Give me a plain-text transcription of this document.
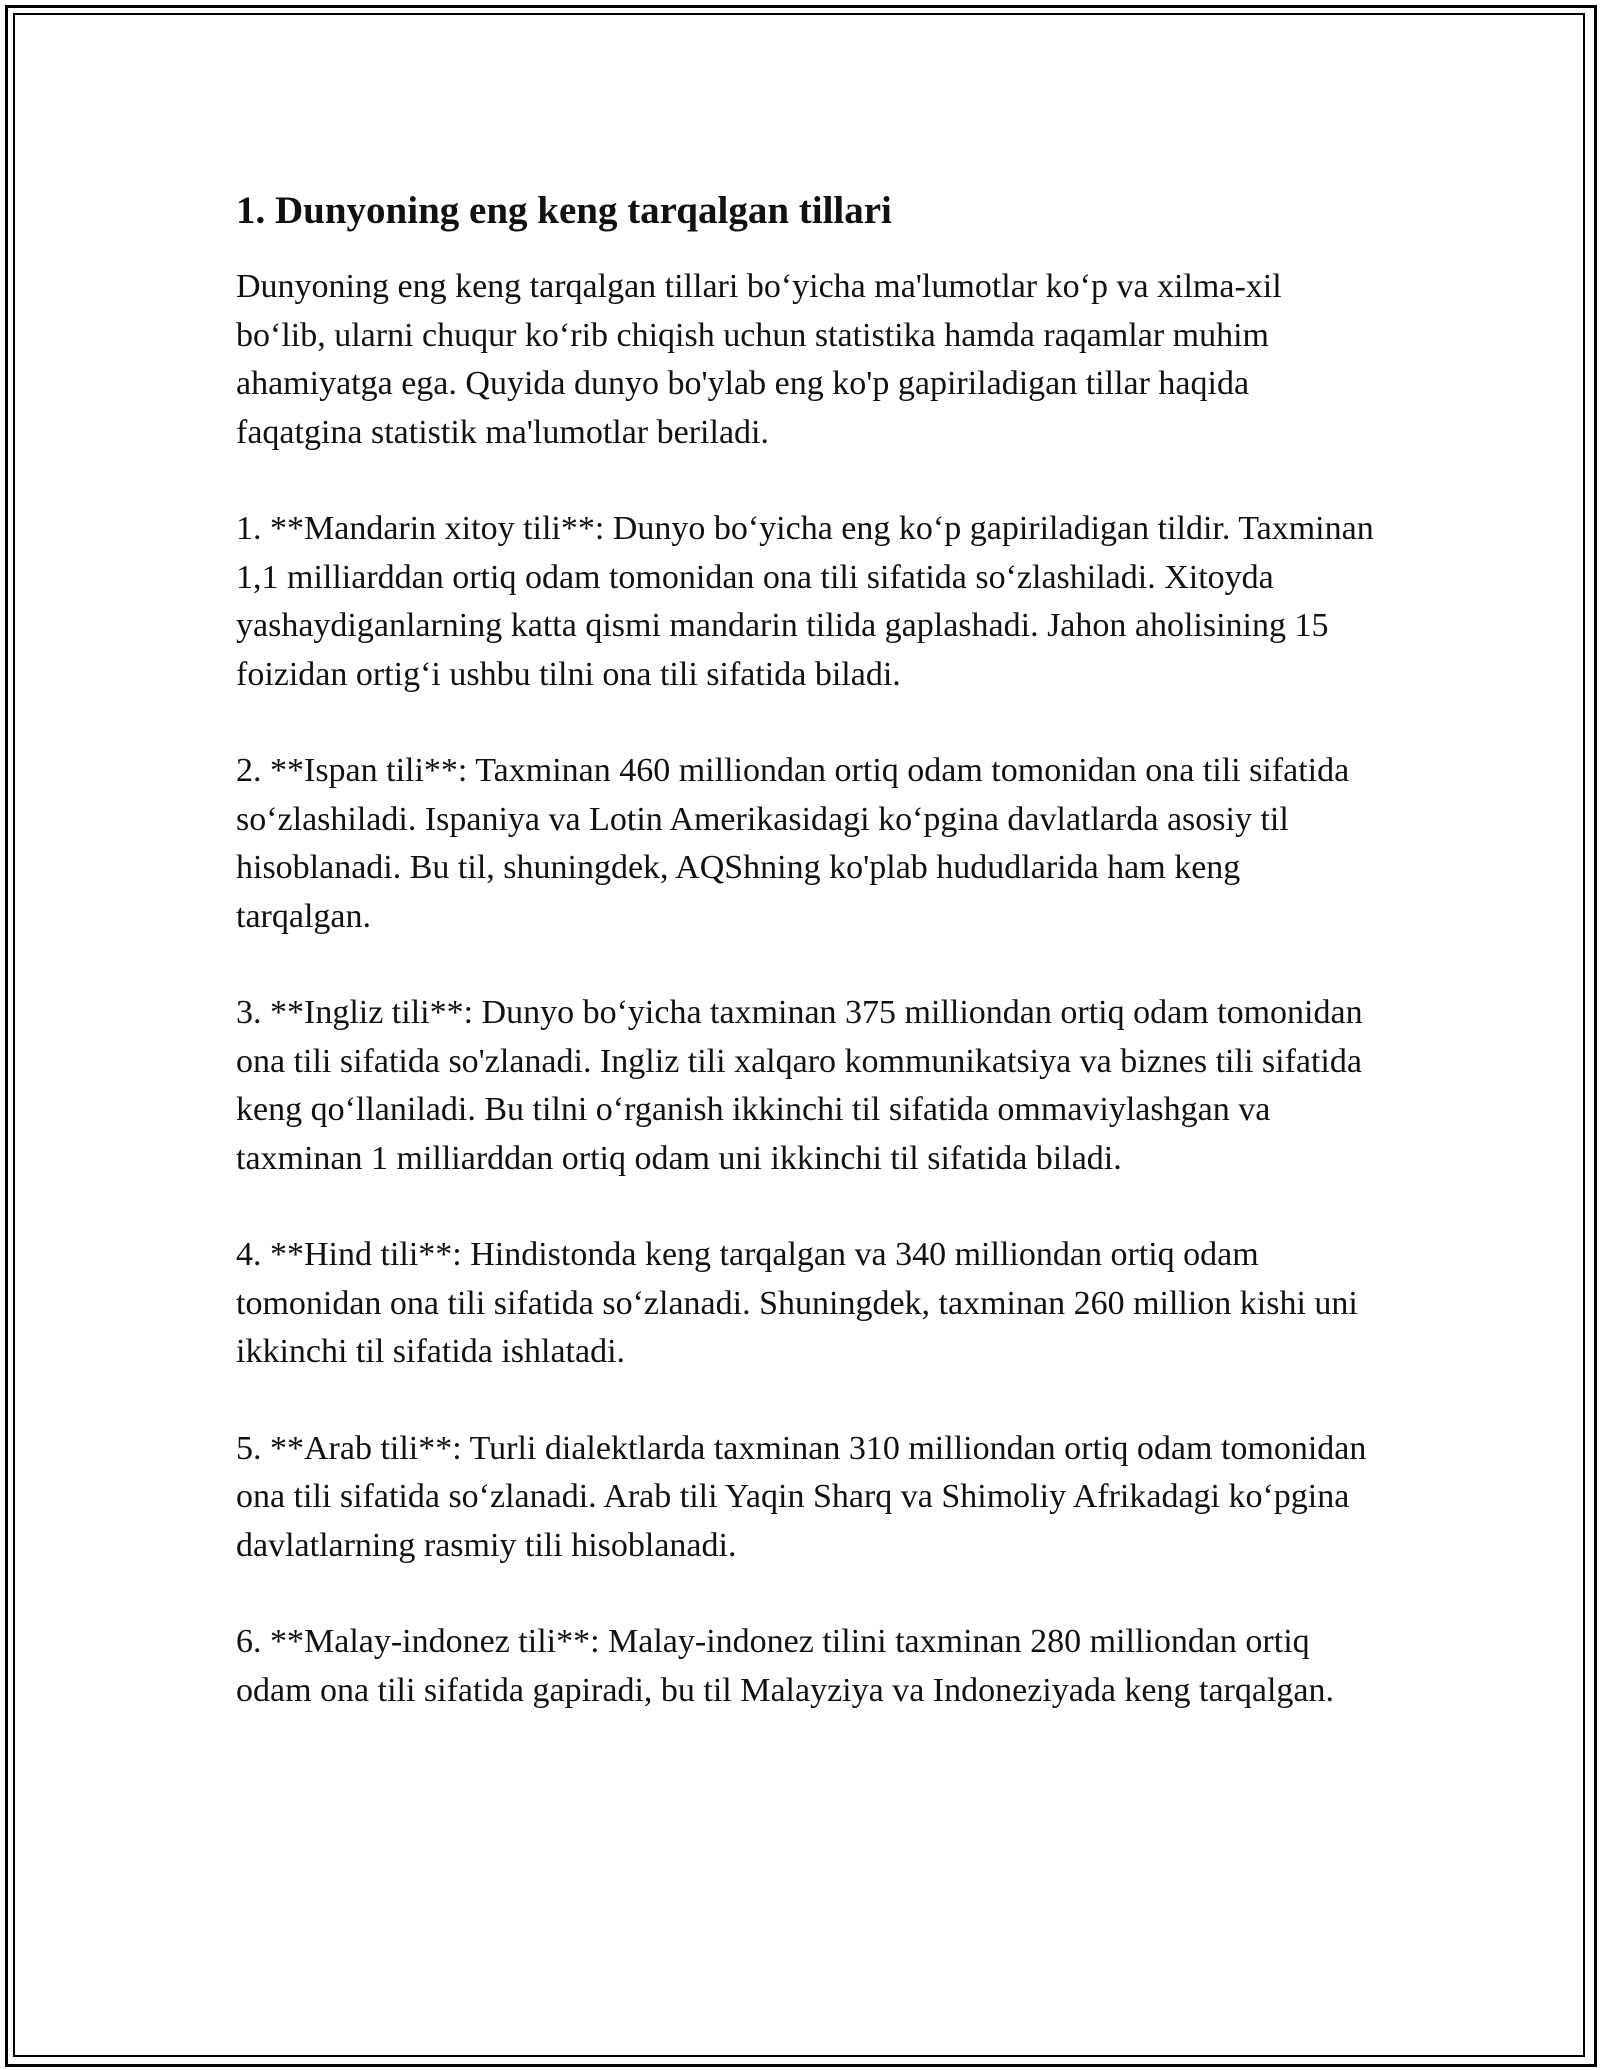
1. Dunyoning eng keng tarqalgan tillari

Dunyoning eng keng tarqalgan tillari bo‘yicha ma'lumotlar ko‘p va xilma-xil bo‘lib, ularni chuqur ko‘rib chiqish uchun statistika hamda raqamlar muhim ahamiyatga ega. Quyida dunyo bo'ylab eng ko'p gapiriladigan tillar haqida faqatgina statistik ma'lumotlar beriladi.

1. **Mandarin xitoy tili**: Dunyo bo‘yicha eng ko‘p gapiriladigan tildir. Taxminan 1,1 milliarddan ortiq odam tomonidan ona tili sifatida so‘zlashiladi. Xitoyda yashaydiganlarning katta qismi mandarin tilida gaplashadi. Jahon aholisining 15 foizidan ortig‘i ushbu tilni ona tili sifatida biladi.

2. **Ispan tili**: Taxminan 460 milliondan ortiq odam tomonidan ona tili sifatida so‘zlashiladi. Ispaniya va Lotin Amerikasidagi ko‘pgina davlatlarda asosiy til hisoblanadi. Bu til, shuningdek, AQShning ko'plab hududlarida ham keng tarqalgan.

3. **Ingliz tili**: Dunyo bo‘yicha taxminan 375 milliondan ortiq odam tomonidan ona tili sifatida so'zlanadi. Ingliz tili xalqaro kommunikatsiya va biznes tili sifatida keng qo‘llaniladi. Bu tilni o‘rganish ikkinchi til sifatida ommaviylashgan va taxminan 1 milliarddan ortiq odam uni ikkinchi til sifatida biladi.

4. **Hind tili**: Hindistonda keng tarqalgan va 340 milliondan ortiq odam tomonidan ona tili sifatida so‘zlanadi. Shuningdek, taxminan 260 million kishi uni ikkinchi til sifatida ishlatadi.

5. **Arab tili**: Turli dialektlarda taxminan 310 milliondan ortiq odam tomonidan ona tili sifatida so‘zlanadi. Arab tili Yaqin Sharq va Shimoliy Afrikadagi ko‘pgina davlatlarning rasmiy tili hisoblanadi.

6. **Malay-indonez tili**: Malay-indonez tilini taxminan 280 milliondan ortiq odam ona tili sifatida gapiradi, bu til Malayziya va Indoneziyada keng tarqalgan.
